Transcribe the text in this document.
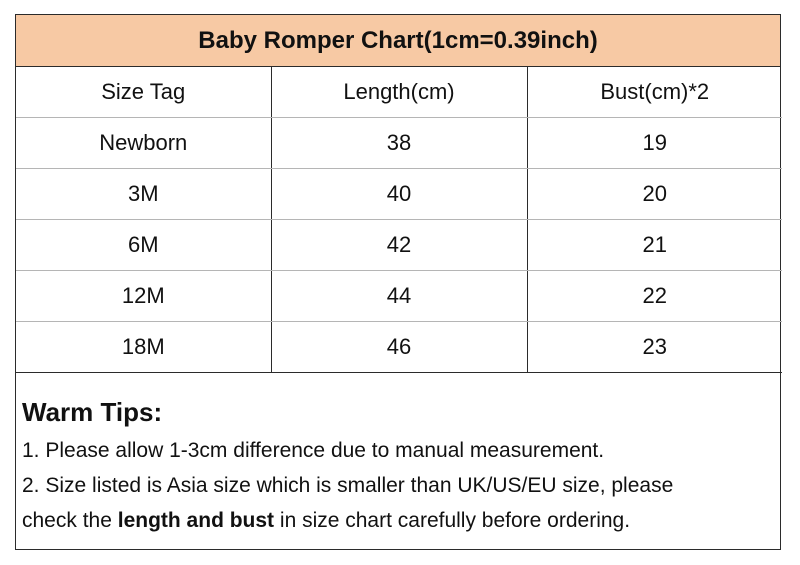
Baby Romper Chart(1cm=0.39inch)
Size Tag	Length(cm)	Bust(cm)*2
Newborn	38	19
3M	40	20
6M	42	21
12M	44	22
18M	46	23

Warm Tips:

1. Please allow 1-3cm difference due to manual measurement.

2. Size listed is Asia size which is smaller than UK/US/EU size, please

check the length and bust in size chart carefully before ordering.
